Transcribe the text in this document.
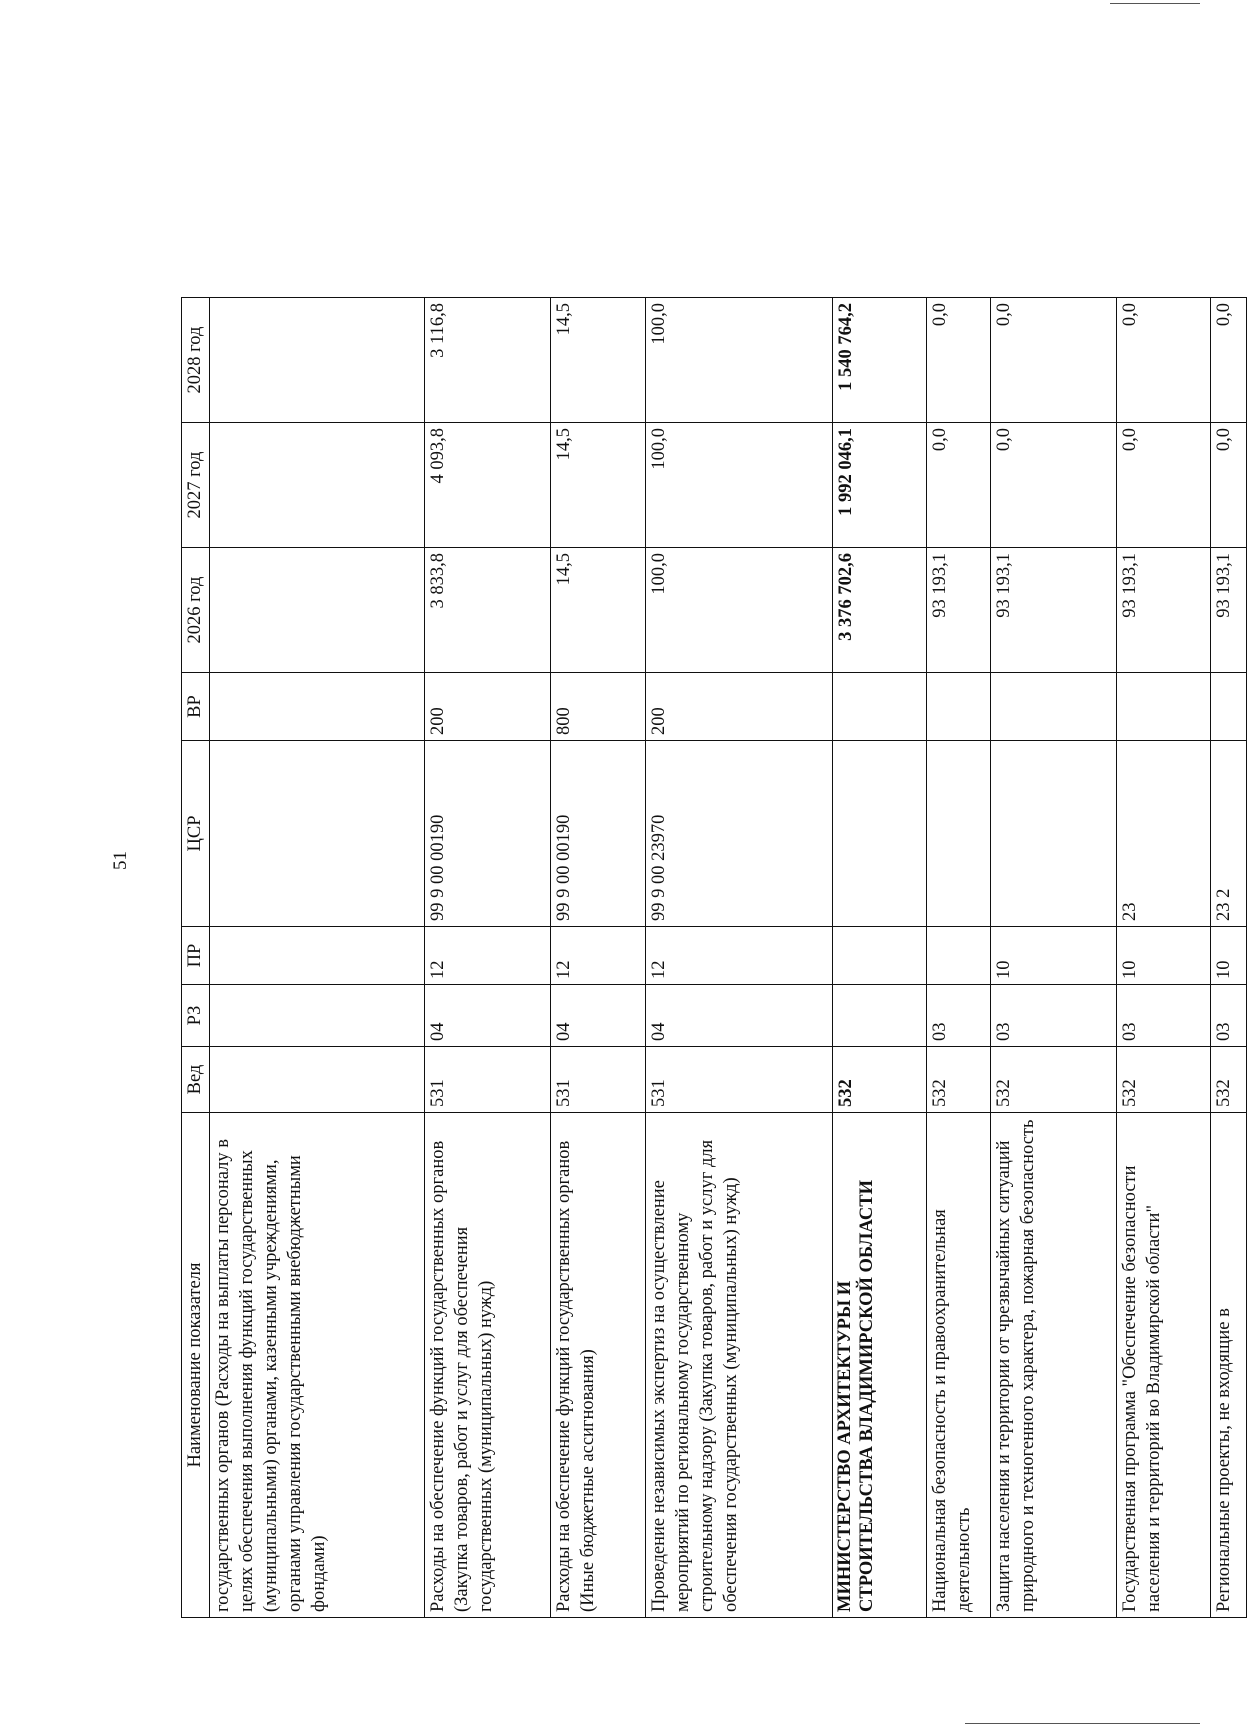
51
Наименование показателя	Вед	РЗ	ПР	ЦСР	ВР	2026 год	2027 год	2028 год
государственных органов (Расходы на выплаты персоналу в целях обеспечения выполнения функций государственных (муниципальными) органами, казенными учреждениями, органами управления государственными внебюджетными фондами)								
Расходы на обеспечение функций государственных органов (Закупка товаров, работ и услуг для обеспечения государственных (муниципальных) нужд)	531	04	12	99 9 00 00190	200	3 833,8	4 093,8	3 116,8
Расходы на обеспечение функций государственных органов (Иные бюджетные ассигнования)	531	04	12	99 9 00 00190	800	14,5	14,5	14,5
Проведение независимых экспертиз на осуществление мероприятий по региональному государственному строительному надзору (Закупка товаров, работ и услуг для обеспечения государственных (муниципальных) нужд)	531	04	12	99 9 00 23970	200	100,0	100,0	100,0
МИНИСТЕРСТВО АРХИТЕКТУРЫ И СТРОИТЕЛЬСТВА ВЛАДИМИРСКОЙ ОБЛАСТИ	532					3 376 702,6	1 992 046,1	1 540 764,2
Национальная безопасность и правоохранительная деятельность	532	03				93 193,1	0,0	0,0
Защита населения и территории от чрезвычайных ситуаций природного и техногенного характера, пожарная безопасность	532	03	10			93 193,1	0,0	0,0
Государственная программа "Обеспечение безопасности населения и территорий во Владимирской области"	532	03	10	23		93 193,1	0,0	0,0
Региональные проекты, не входящие в	532	03	10	23 2		93 193,1	0,0	0,0
